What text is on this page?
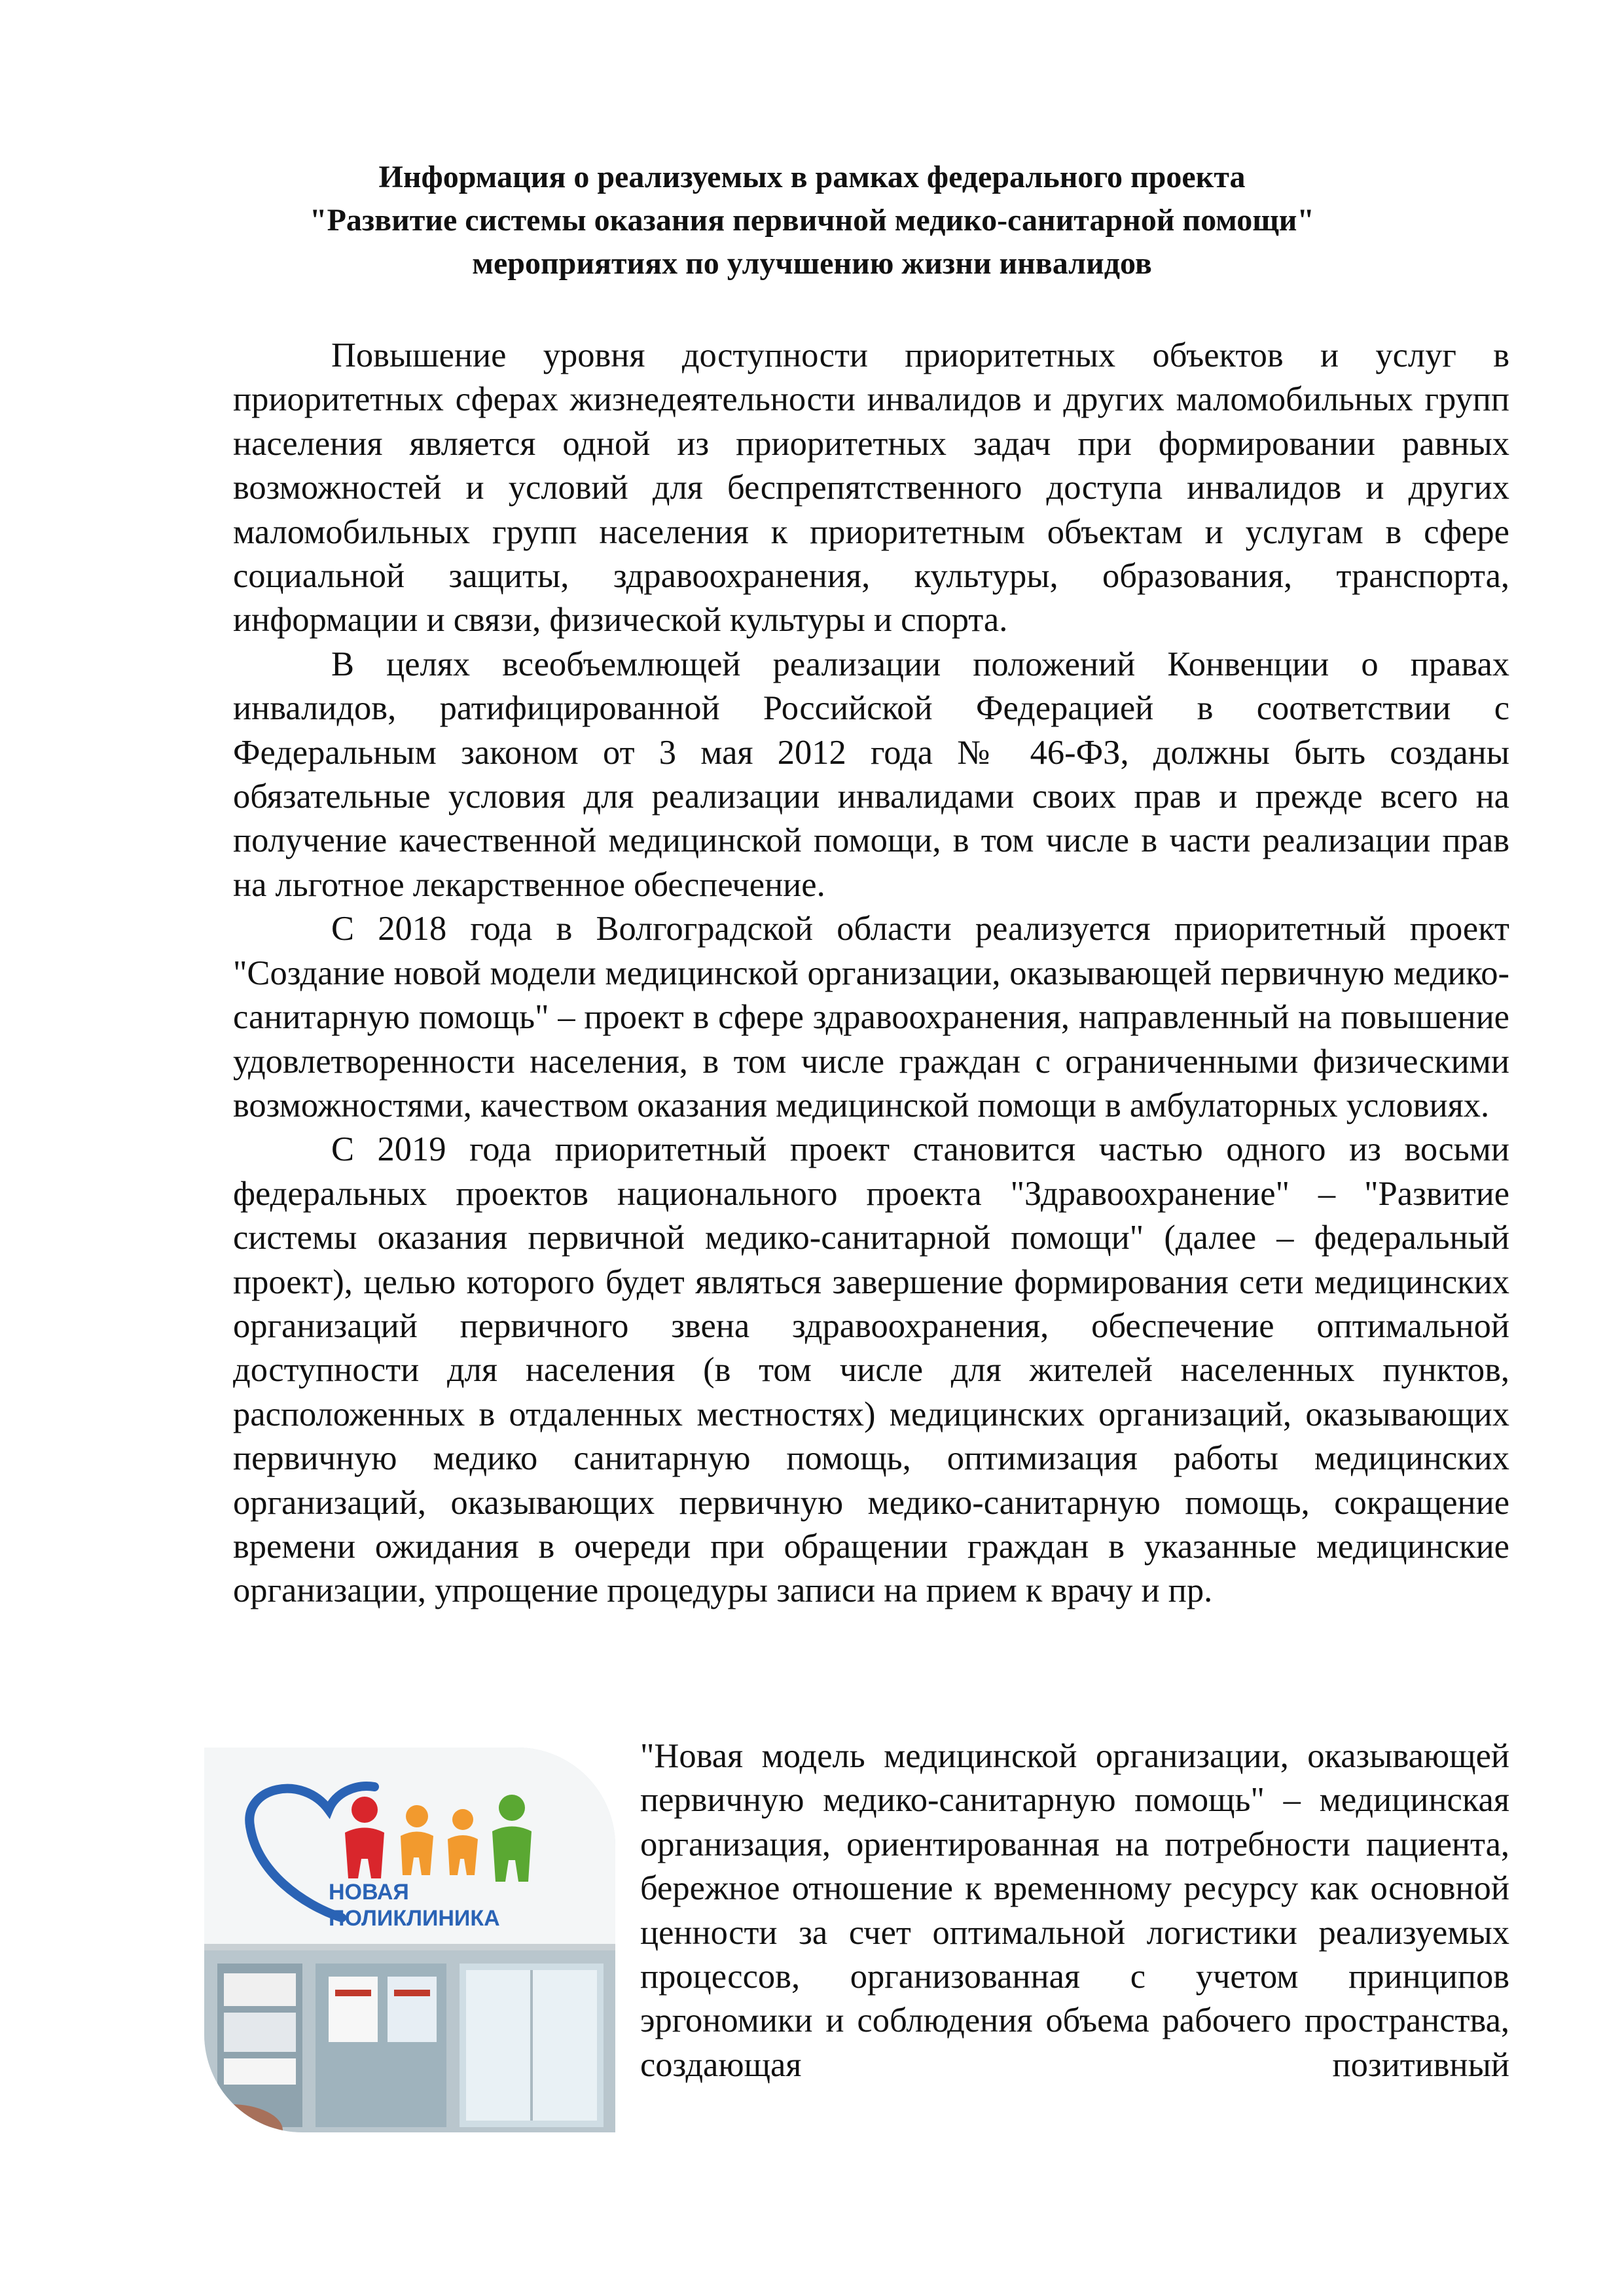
Информация о реализуемых в рамках федерального проекта
"Развитие системы оказания первичной медико-санитарной помощи"
мероприятиях по улучшению жизни инвалидов

Повышение уровня доступности приоритетных объектов и услуг в приоритетных сферах жизнедеятельности инвалидов и других маломобильных групп населения является одной из приоритетных задач при формировании равных возможностей и условий для беспрепятственного доступа инвалидов и других маломобильных групп населения к приоритетным объектам и услугам в сфере социальной защиты, здравоохранения, культуры, образования, транспорта, информации и связи, физической культуры и спорта.

В целях всеобъемлющей реализации положений Конвенции о правах инвалидов, ратифицированной Российской Федерацией в соответствии с Федеральным законом от 3 мая 2012 года № 46-ФЗ, должны быть созданы обязательные условия для реализации инвалидами своих прав и прежде всего на получение качественной медицинской помощи, в том числе в части реализации прав на льготное лекарственное обеспечение.

С 2018 года в Волгоградской области реализуется приоритетный проект "Создание новой модели медицинской организации, оказывающей первичную медико-санитарную помощь" – проект в сфере здравоохранения, направленный на повышение удовлетворенности населения, в том числе граждан с ограниченными физическими возможностями, качеством оказания медицинской помощи в амбулаторных условиях.

С 2019 года приоритетный проект становится частью одного из восьми федеральных проектов национального проекта "Здравоохранение" – "Развитие системы оказания первичной медико-санитарной помощи" (далее – федеральный проект), целью которого будет являться завершение формирования сети медицинских организаций первичного звена здравоохранения, обеспечение оптимальной доступности для населения (в том числе для жителей населенных пунктов, расположенных в отдаленных местностях) медицинских организаций, оказывающих первичную медико санитарную помощь, оптимизация работы медицинских организаций, оказывающих первичную медико-санитарную помощь, сокращение времени ожидания в очереди при обращении граждан в указанные медицинские организации, упрощение процедуры записи на прием к врачу и пр.

НОВАЯ
ПОЛИКЛИНИКА

"Новая модель медицинской организации, оказывающей первичную медико-санитарную помощь" – медицинская организация, ориентированная на потребности пациента, бережное отношение к временному ресурсу как основной ценности за счет оптимальной логистики реализуемых процессов, организованная с учетом принципов эргономики и соблюдения объема рабочего пространства, создающая позитивный
